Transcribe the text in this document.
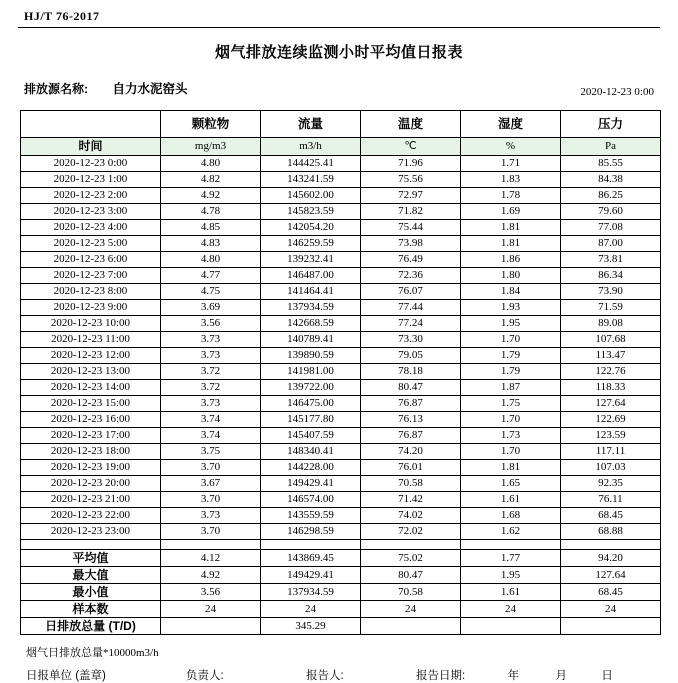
HJ/T 76-2017
烟气排放连续监测小时平均值日报表
排放源名称: 自力水泥窑头	2020-12-23 0:00
	颗粒物	流量	温度	湿度	压力
时间	mg/m3	m3/h	℃	%	Pa
2020-12-23 0:00	4.80	144425.41	71.96	1.71	85.55
2020-12-23 1:00	4.82	143241.59	75.56	1.83	84.38
2020-12-23 2:00	4.92	145602.00	72.97	1.78	86.25
2020-12-23 3:00	4.78	145823.59	71.82	1.69	79.60
2020-12-23 4:00	4.85	142054.20	75.44	1.81	77.08
2020-12-23 5:00	4.83	146259.59	73.98	1.81	87.00
2020-12-23 6:00	4.80	139232.41	76.49	1.86	73.81
2020-12-23 7:00	4.77	146487.00	72.36	1.80	86.34
2020-12-23 8:00	4.75	141464.41	76.07	1.84	73.90
2020-12-23 9:00	3.69	137934.59	77.44	1.93	71.59
2020-12-23 10:00	3.56	142668.59	77.24	1.95	89.08
2020-12-23 11:00	3.73	140789.41	73.30	1.70	107.68
2020-12-23 12:00	3.73	139890.59	79.05	1.79	113.47
2020-12-23 13:00	3.72	141981.00	78.18	1.79	122.76
2020-12-23 14:00	3.72	139722.00	80.47	1.87	118.33
2020-12-23 15:00	3.73	146475.00	76.87	1.75	127.64
2020-12-23 16:00	3.74	145177.80	76.13	1.70	122.69
2020-12-23 17:00	3.74	145407.59	76.87	1.73	123.59
2020-12-23 18:00	3.75	148340.41	74.20	1.70	117.11
2020-12-23 19:00	3.70	144228.00	76.01	1.81	107.03
2020-12-23 20:00	3.67	149429.41	70.58	1.65	92.35
2020-12-23 21:00	3.70	146574.00	71.42	1.61	76.11
2020-12-23 22:00	3.73	143559.59	74.02	1.68	68.45
2020-12-23 23:00	3.70	146298.59	72.02	1.62	68.88

平均值	4.12	143869.45	75.02	1.77	94.20
最大值	4.92	149429.41	80.47	1.95	127.64
最小值	3.56	137934.59	70.58	1.61	68.45
样本数	24	24	24	24	24
日排放总量 (T/D)		345.29			
烟气日排放总量*10000m3/h
日报单位 (盖章)	负责人:	报告人:	报告日期:	年	月	日
